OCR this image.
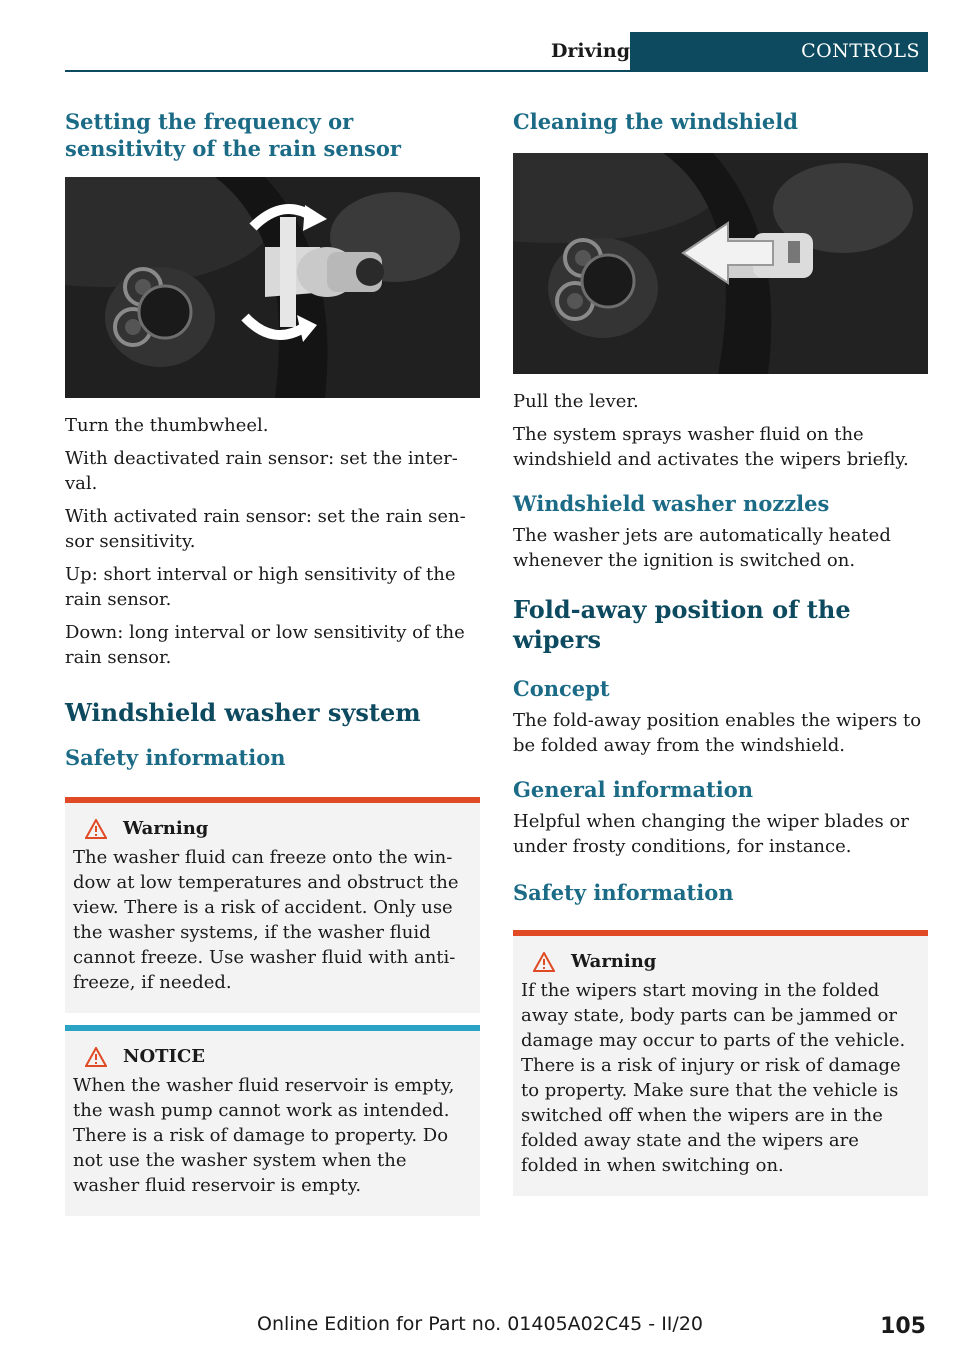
Driving	CONTROLS
Setting the frequency or sensitivity of the rain sensor

Turn the thumbwheel.

With deactivated rain sensor: set the inter‐val.

With activated rain sensor: set the rain sen‐sor sensitivity.

Up: short interval or high sensitivity of the rain sensor.

Down: long interval or low sensitivity of the rain sensor.

Windshield washer system
Safety information
Warning

The washer fluid can freeze onto the win‐dow at low temperatures and obstruct the view. There is a risk of accident. Only use the washer systems, if the washer fluid cannot freeze. Use washer fluid with anti‐freeze, if needed.

NOTICE

When the washer fluid reservoir is empty, the wash pump cannot work as intended. There is a risk of damage to property. Do not use the washer system when the washer fluid reservoir is empty.

Cleaning the windshield

Pull the lever.

The system sprays washer fluid on the windshield and activates the wipers briefly.

Windshield washer nozzles

The washer jets are automatically heated whenever the ignition is switched on.

Fold-away position of the wipers
Concept

The fold-away position enables the wipers to be folded away from the windshield.

General information

Helpful when changing the wiper blades or under frosty conditions, for instance.

Safety information
Warning

If the wipers start moving in the folded away state, body parts can be jammed or damage may occur to parts of the vehicle. There is a risk of injury or risk of damage to property. Make sure that the vehicle is switched off when the wipers are in the folded away state and the wipers are folded in when switching on.

Online Edition for Part no. 01405A02C45 - II/20	105
